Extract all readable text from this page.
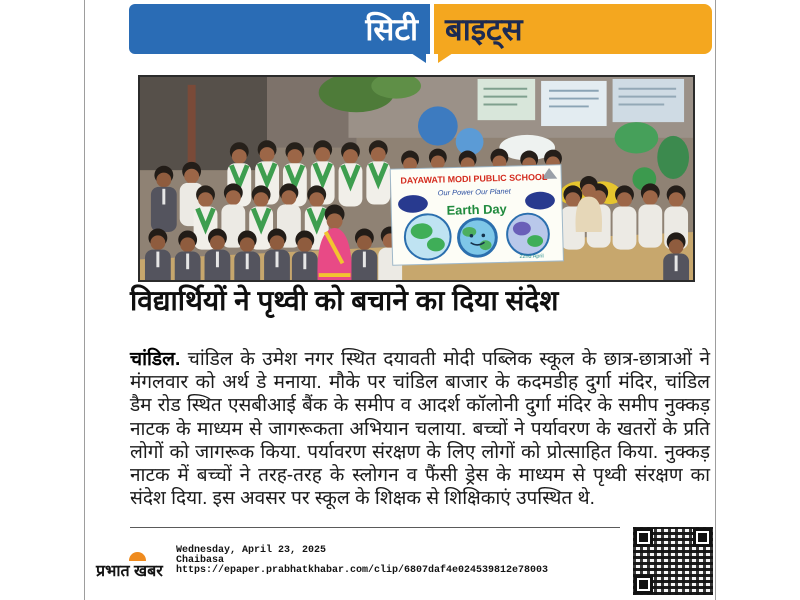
सिटी बाइट्स
DAYAWATI MODI PUBLIC SCHOOL
Our Power Our Planet
Earth Day
22nd April
विद्यार्थियों ने पृथ्वी को बचाने का दिया संदेश

चांडिल. चांडिल के उमेश नगर स्थित दयावती मोदी पब्लिक स्कूल के छात्र-छात्राओं ने मंगलवार को अर्थ डे मनाया. मौके पर चांडिल बाजार के कदमडीह दुर्गा मंदिर, चांडिल डैम रोड स्थित एसबीआई बैंक के समीप व आदर्श कॉलोनी दुर्गा मंदिर के समीप नुक्कड़ नाटक के माध्यम से जागरूकता अभियान चलाया. बच्चों ने पर्यावरण के खतरों के प्रति लोगों को जागरूक किया. पर्यावरण संरक्षण के लिए लोगों को प्रोत्साहित किया. नुक्कड़ नाटक में बच्चों ने तरह-तरह के स्लोगन व फैंसी ड्रेस के माध्यम से पृथ्वी संरक्षण का संदेश दिया. इस अवसर पर स्कूल के शिक्षक से शिक्षिकाएं उपस्थित थे.

प्रभात खबर
Wednesday, April 23, 2025
Chaibasa
https://epaper.prabhatkhabar.com/clip/6807daf4e024539812e78003
